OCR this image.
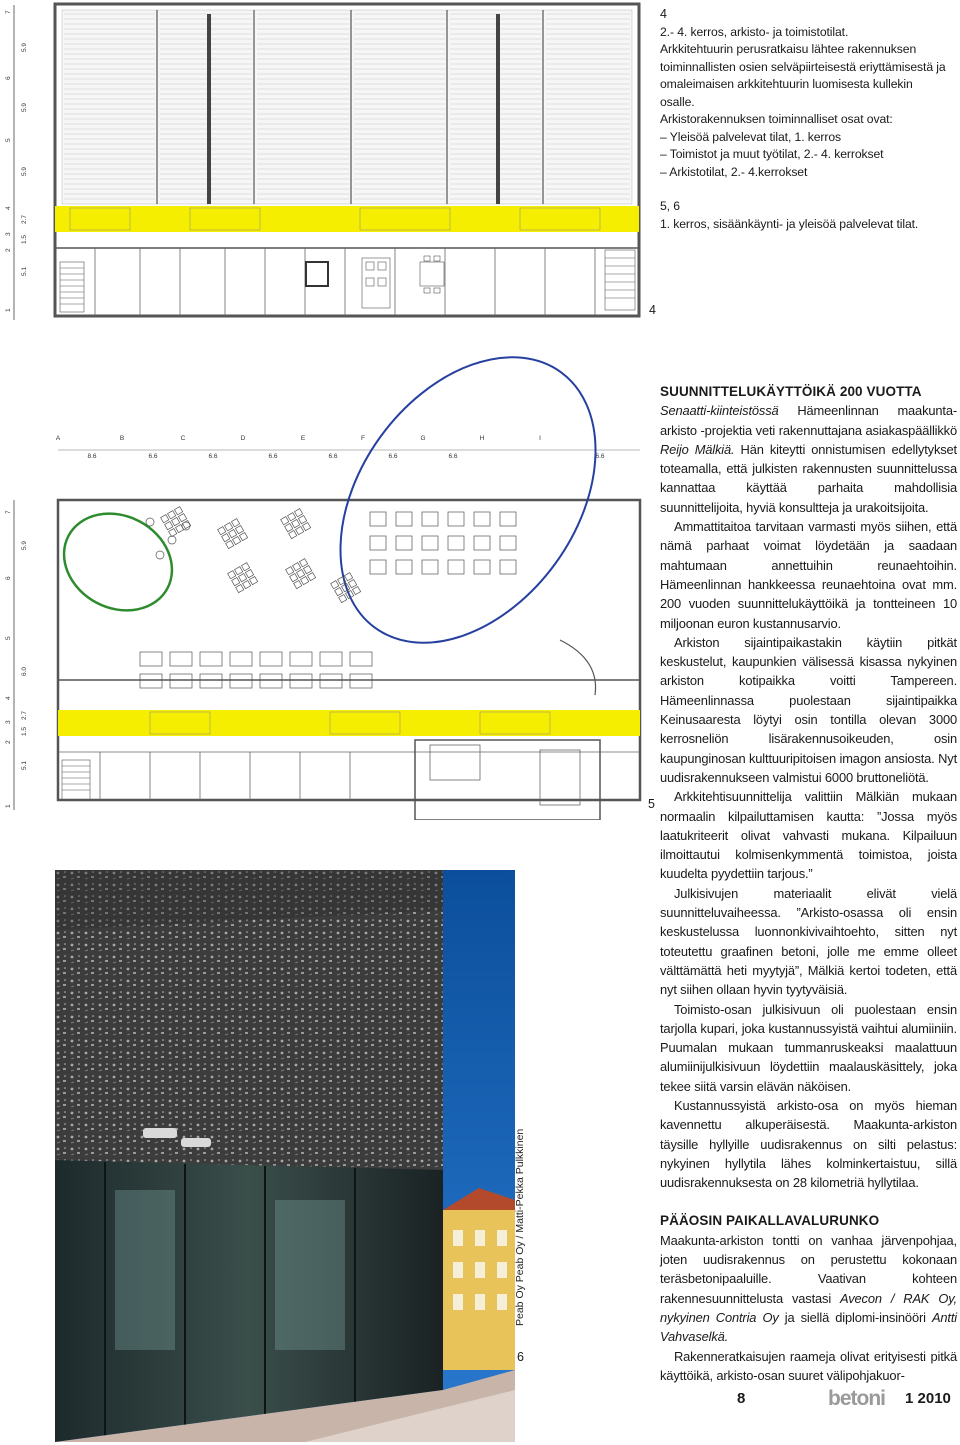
7
5.9
6
5.9
5
5.9
4
2.7
3
1.5
2
5.1
1

4

2.- 4. kerros, arkisto- ja toimistotilat.

Arkkitehtuurin perusratkaisu lähtee rakennuksen toiminnallisten osien selväpiirteisestä eriyttämisestä ja omaleimaisen arkkitehtuurin luomisesta kullekin osalle.

Arkistorakennuksen toiminnalliset osat ovat:

– Yleisöä palvelevat tilat, 1. kerros

– Toimistot ja muut työtilat, 2.- 4. kerrokset

– Arkistotilat, 2.- 4.kerrokset

5, 6

1. kerros, sisäänkäynti- ja yleisöä palvelevat tilat.

4
A	B	C	D	E	F	G	H	I
8.6	6.6	6.6	6.6	6.6	6.6	6.6	6.6
7
5.9
6
5
6.0
4
2.7
3
1.5
2
5.1
1	5
Peab Oy Peab Oy / Matti-Pekka Pulkkinen
6
SUUNNITTELUKÄYTTÖIKÄ 200 VUOTTA

Senaatti-kiinteistössä Hämeenlinnan maakunta-arkisto -projektia veti rakennuttajana asiakaspäällikkö Reijo Mälkiä. Hän kiteytti onnistumisen edellytykset toteamalla, että julkisten rakennusten suunnittelussa kannattaa käyttää parhaita mahdollisia suunnittelijoita, hyviä konsultteja ja urakoitsijoita.

Ammattitaitoa tarvitaan varmasti myös siihen, että nämä parhaat voimat löydetään ja saadaan mahtumaan annettuihin reunaehtoihin. Hämeenlinnan hankkeessa reunaehtoina ovat mm. 200 vuoden suunnittelukäyttöikä ja tontteineen 10 miljoonan euron kustannusarvio.

Arkiston sijaintipaikastakin käytiin pitkät keskustelut, kaupunkien välisessä kisassa nykyinen arkiston kotipaikka voitti Tampereen. Hämeenlinnassa puolestaan sijaintipaikka Keinusaaresta löytyi osin tontilla olevan 3000 kerrosneliön lisärakennusoikeuden, osin kaupunginosan kulttuuripitoisen imagon ansiosta. Nyt uudisrakennukseen valmistui 6000 bruttoneliötä.

Arkkitehtisuunnittelija valittiin Mälkiän mukaan normaalin kilpailuttamisen kautta: ”Jossa myös laatukriteerit olivat vahvasti mukana. Kilpailuun ilmoittautui kolmisenkymmentä toimistoa, joista kuudelta pyydettiin tarjous.”

Julkisivujen materiaalit elivät vielä suunnitteluvaiheessa. ”Arkisto-osassa oli ensin keskustelussa luonnonkivivaihtoehto, sitten nyt toteutettu graafinen betoni, jolle me emme olleet välttämättä heti myytyjä”, Mälkiä kertoi todeten, että nyt siihen ollaan hyvin tyytyväisiä.

Toimisto-osan julkisivuun oli puolestaan ensin tarjolla kupari, joka kustannussyistä vaihtui alumiiniin. Puumalan mukaan tummanruskeaksi maalattuun alumiinijulkisivuun löydettiin maalauskäsittely, joka tekee siitä varsin elävän näköisen.

Kustannussyistä arkisto-osa on myös hieman kavennettu alkuperäisestä. Maakunta-arkiston täysille hyllyille uudisrakennus on silti pelastus: nykyinen hyllytila lähes kolminkertaistuu, sillä uudisrakennuksesta on 28 kilometriä hyllytilaa.

PÄÄOSIN PAIKALLAVALURUNKO

Maakunta-arkiston tontti on vanhaa järvenpohjaa, joten uudisrakennus on perustettu kokonaan teräsbetonipaaluille. Vaativan kohteen rakennesuunnittelusta vastasi Avecon / RAK Oy, nykyinen Contria Oy ja siellä diplomi-insinööri Antti Vahvaselkä.

Rakenneratkaisujen raameja olivat erityisesti pitkä käyttöikä, arkisto-osan suuret välipohjakuor-

8	betoni 1 2010
